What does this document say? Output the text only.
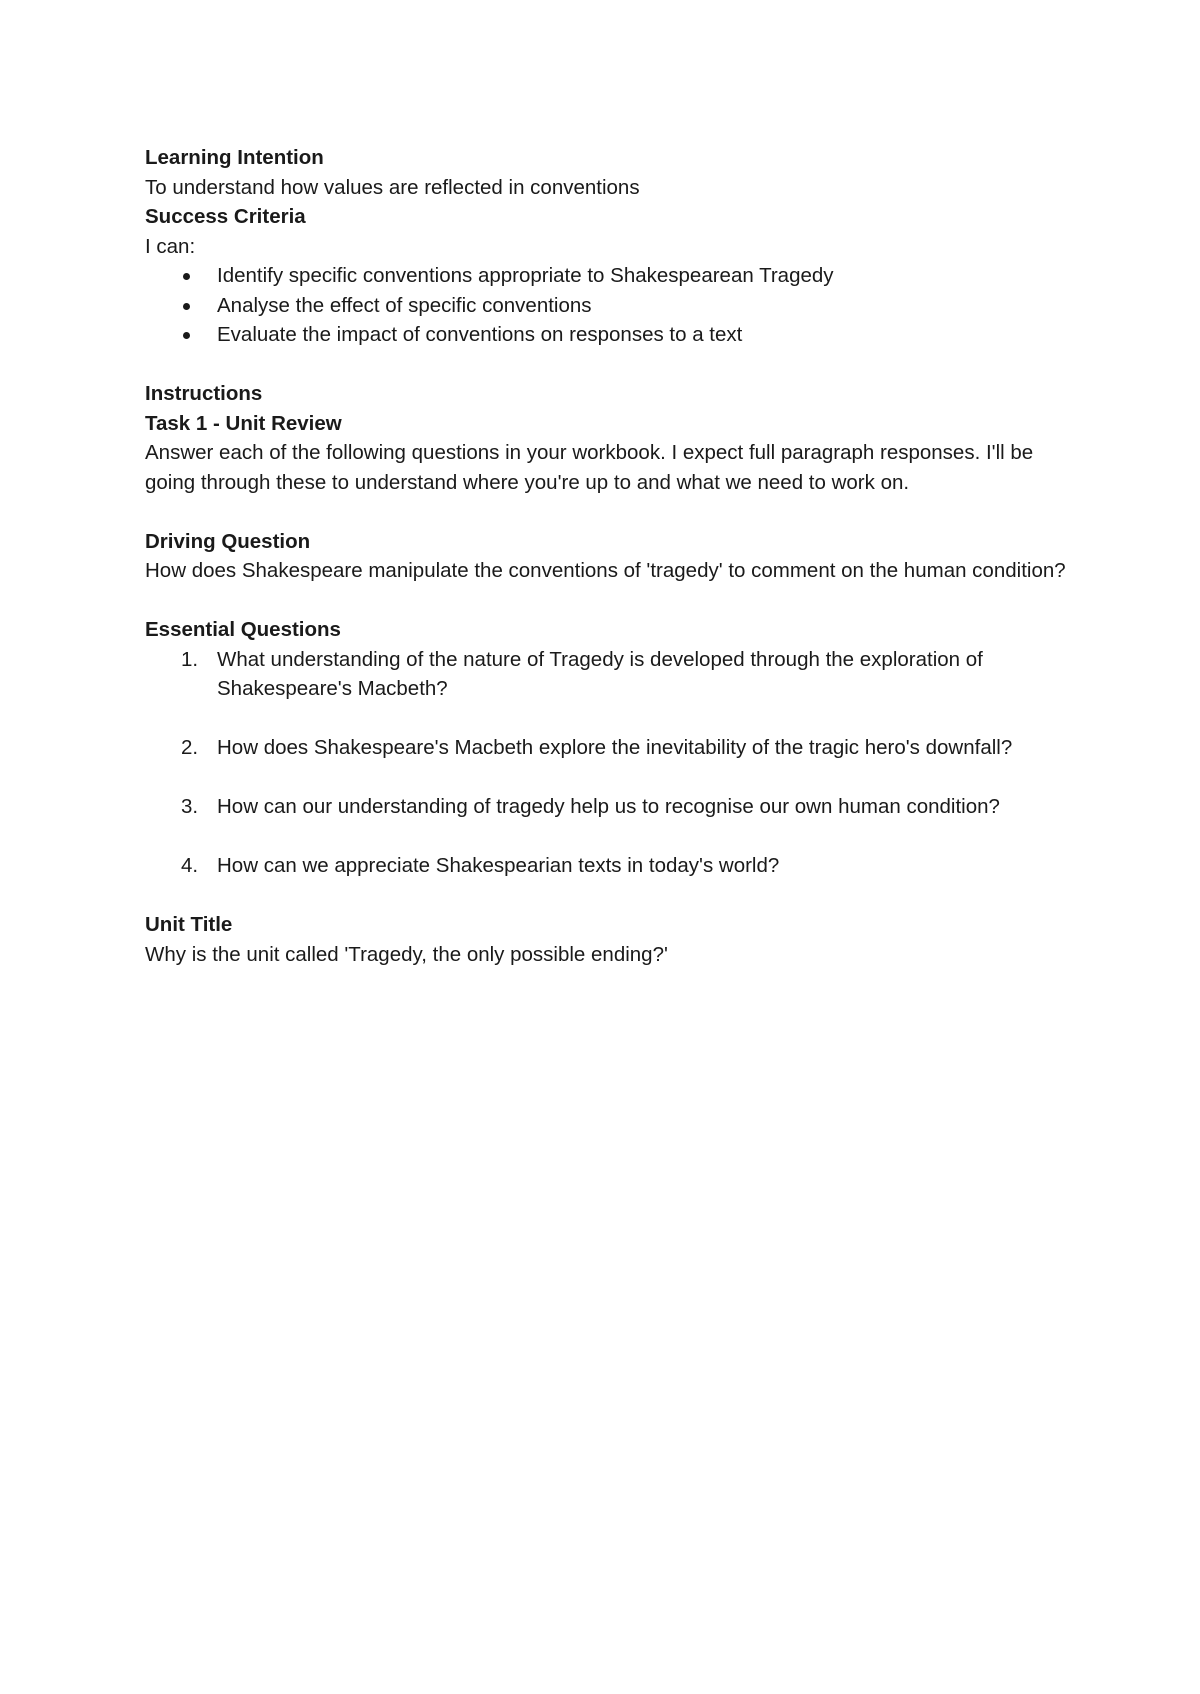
Learning Intention

To understand how values are reflected in conventions

Success Criteria

I can:

Identify specific conventions appropriate to Shakespearean Tragedy
Analyse the effect of specific conventions
Evaluate the impact of conventions on responses to a text

Instructions

Task 1 - Unit Review

Answer each of the following questions in your workbook. I expect full paragraph responses. I'll be going through these to understand where you're up to and what we need to work on.

Driving Question

How does Shakespeare manipulate the conventions of 'tragedy' to comment on the human condition?

Essential Questions

1. What understanding of the nature of Tragedy is developed through the exploration of Shakespeare's Macbeth?
2. How does Shakespeare's Macbeth explore the inevitability of the tragic hero's downfall?
3. How can our understanding of tragedy help us to recognise our own human condition?
4. How can we appreciate Shakespearian texts in today's world?

Unit Title

Why is the unit called 'Tragedy, the only possible ending?'
